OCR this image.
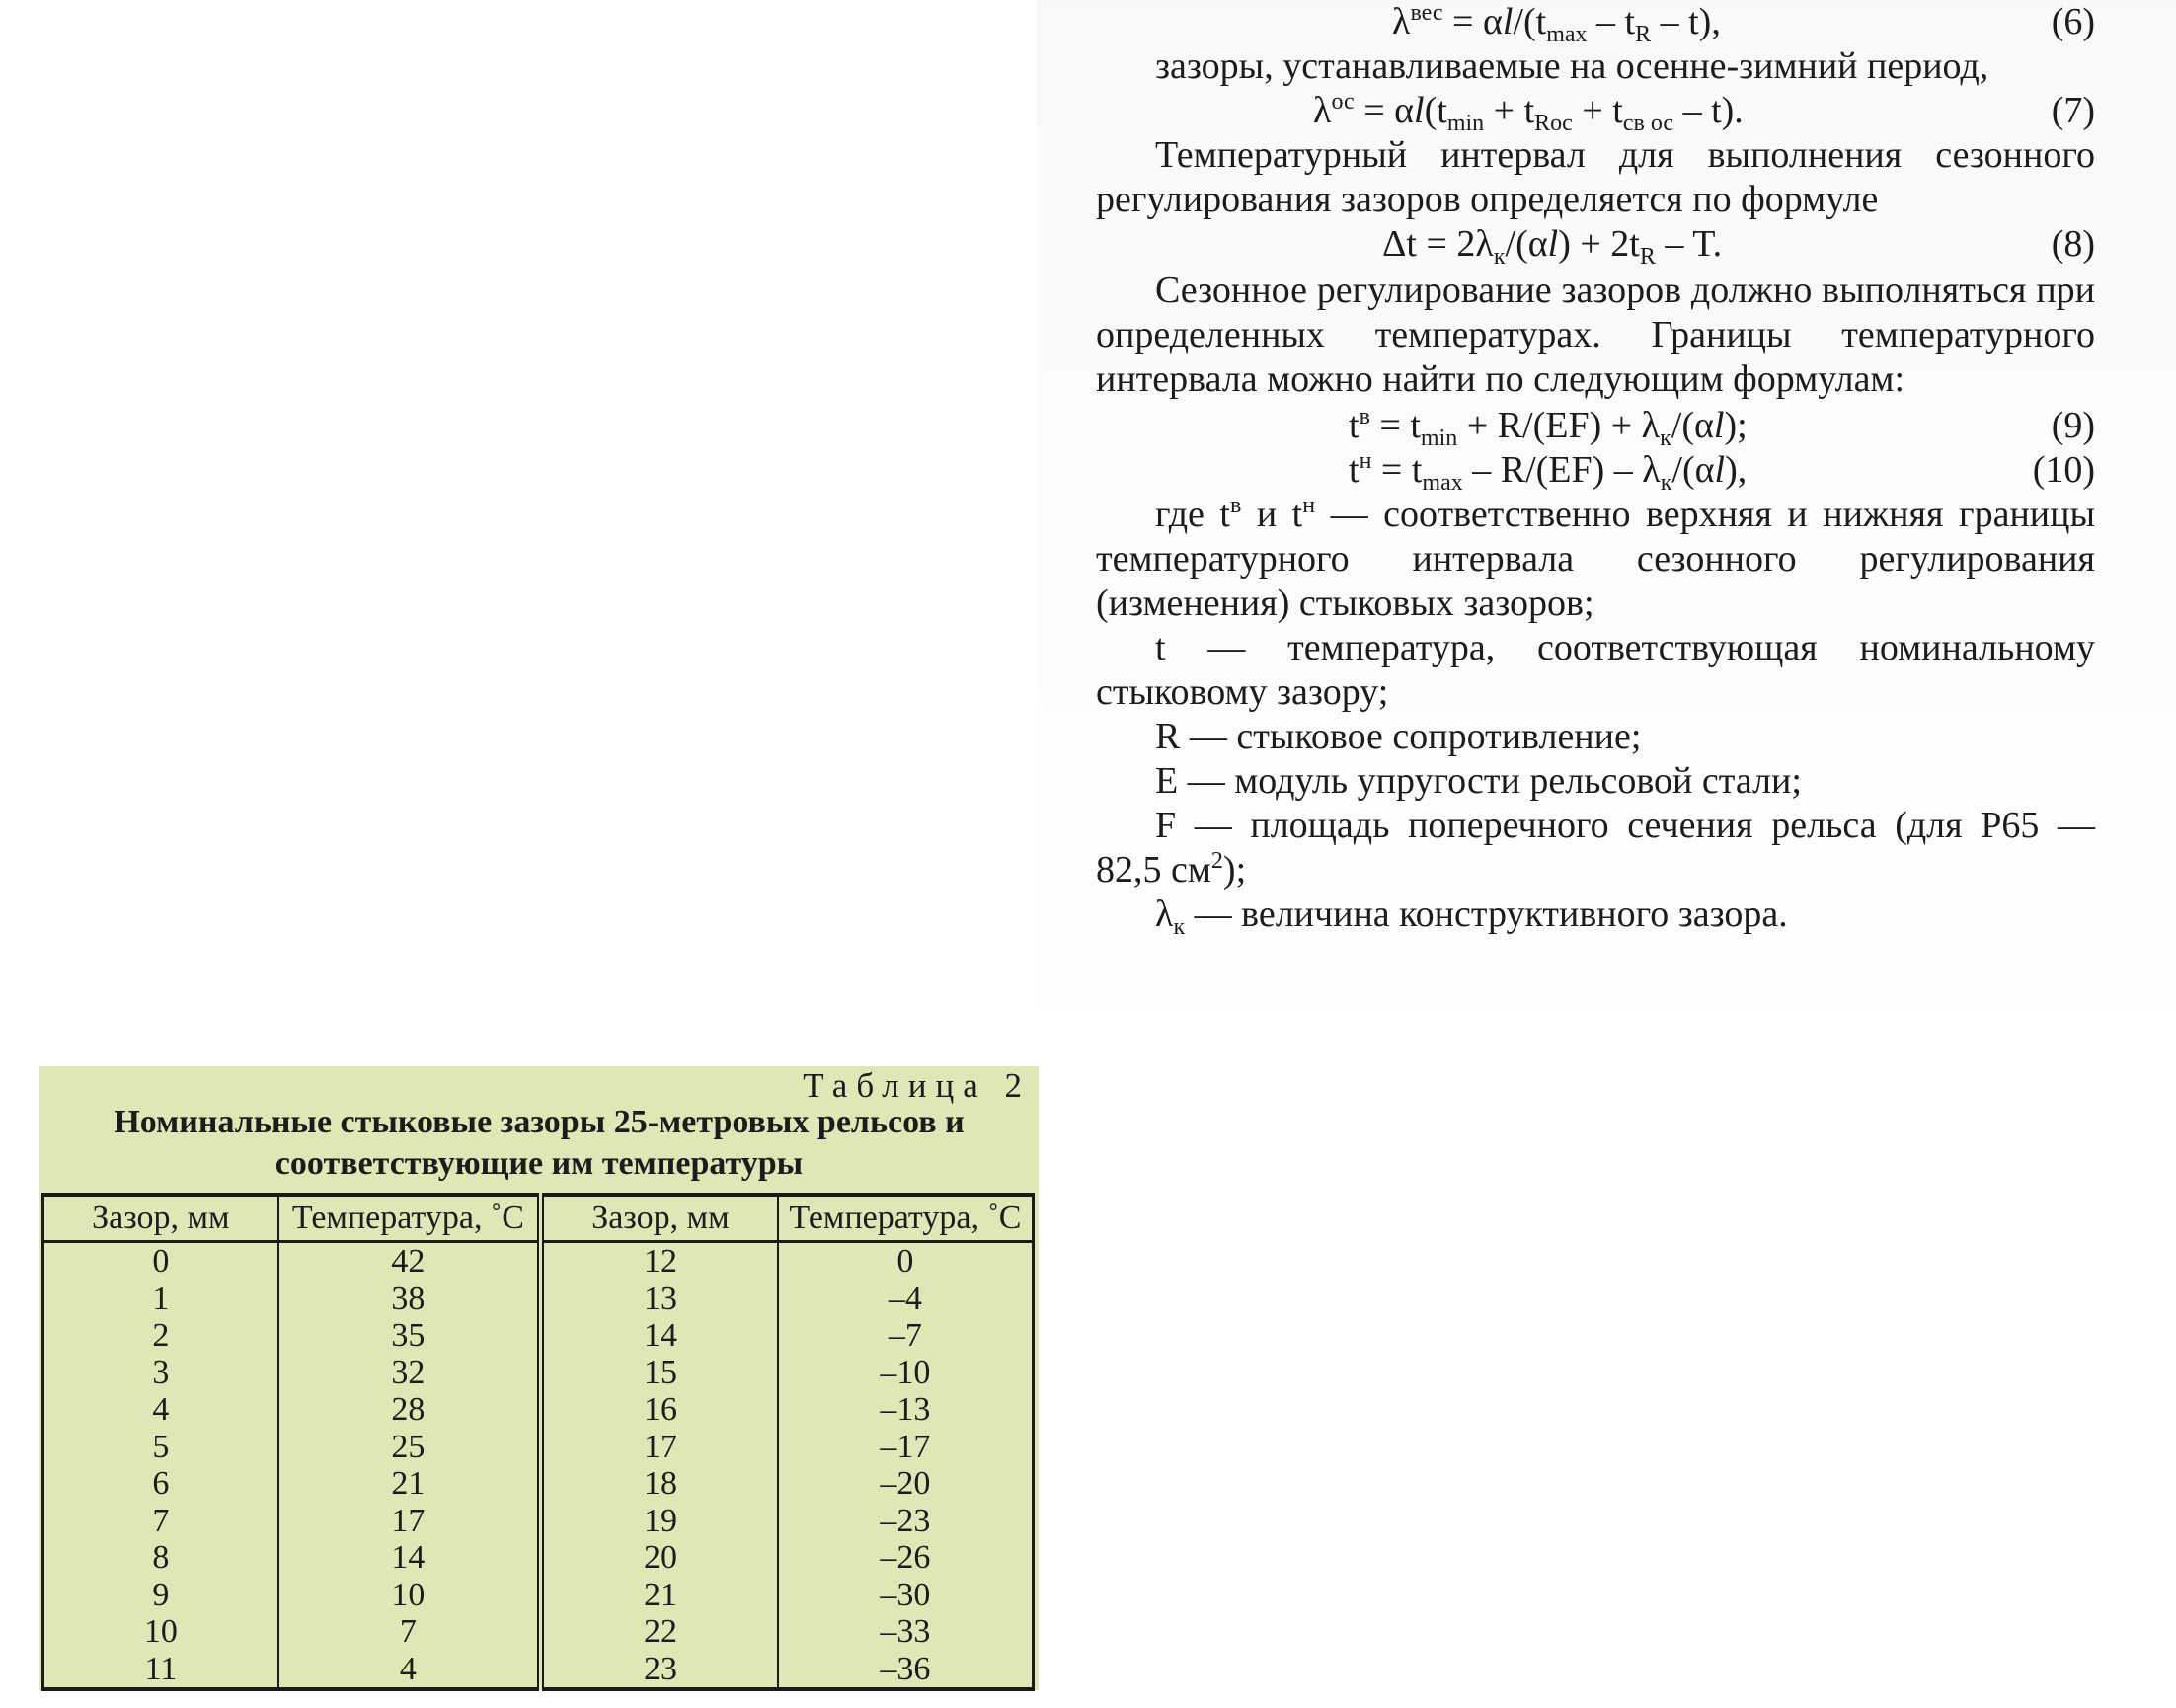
$\lambda^{вес} = \alpha l/(t_{max} - t_R - t)$,	(6)

зазоры, устанавливаемые на осенне-зимний период,

$\lambda^{ос} = \alpha l(t_{min} + t_{Roc} + t_{св ос} - t)$.	(7)

Температурный интервал для выполнения сезонного регулирования зазоров определяется по формуле

$\Delta t = 2\lambda_к/(\alpha l) + 2t_R - T$.	(8)

Сезонное регулирование зазоров должно выполняться при определенных температурах. Границы температурного интервала можно найти по следующим формулам:

$t^в = t_{min} + R/(EF) + \lambda_к/(\alpha l)$;	(9)
$t^н = t_{max} - R/(EF) - \lambda_к/(\alpha l)$,	(10)

где $t^в$ и $t^н$ — соответственно верхняя и нижняя границы температурного интервала сезонного регулирования (изменения) стыковых зазоров;

t — температура, соответствующая номинальному стыковому зазору;

R — стыковое сопротивление;

E — модуль упругости рельсовой стали;

F — площадь поперечного сечения рельса (для Р65 — 82,5 $см^2$);

$\lambda_к$ — величина конструктивного зазора.

Таблица 2
Номинальные стыковые зазоры 25-метровых рельсов и соответствующие им температуры
Зазор, мм	Температура, ˚С	Зазор, мм	Температура, ˚С
0	42	12	0
1	38	13	–4
2	35	14	–7
3	32	15	–10
4	28	16	–13
5	25	17	–17
6	21	18	–20
7	17	19	–23
8	14	20	–26
9	10	21	–30
10	7	22	–33
11	4	23	–36
